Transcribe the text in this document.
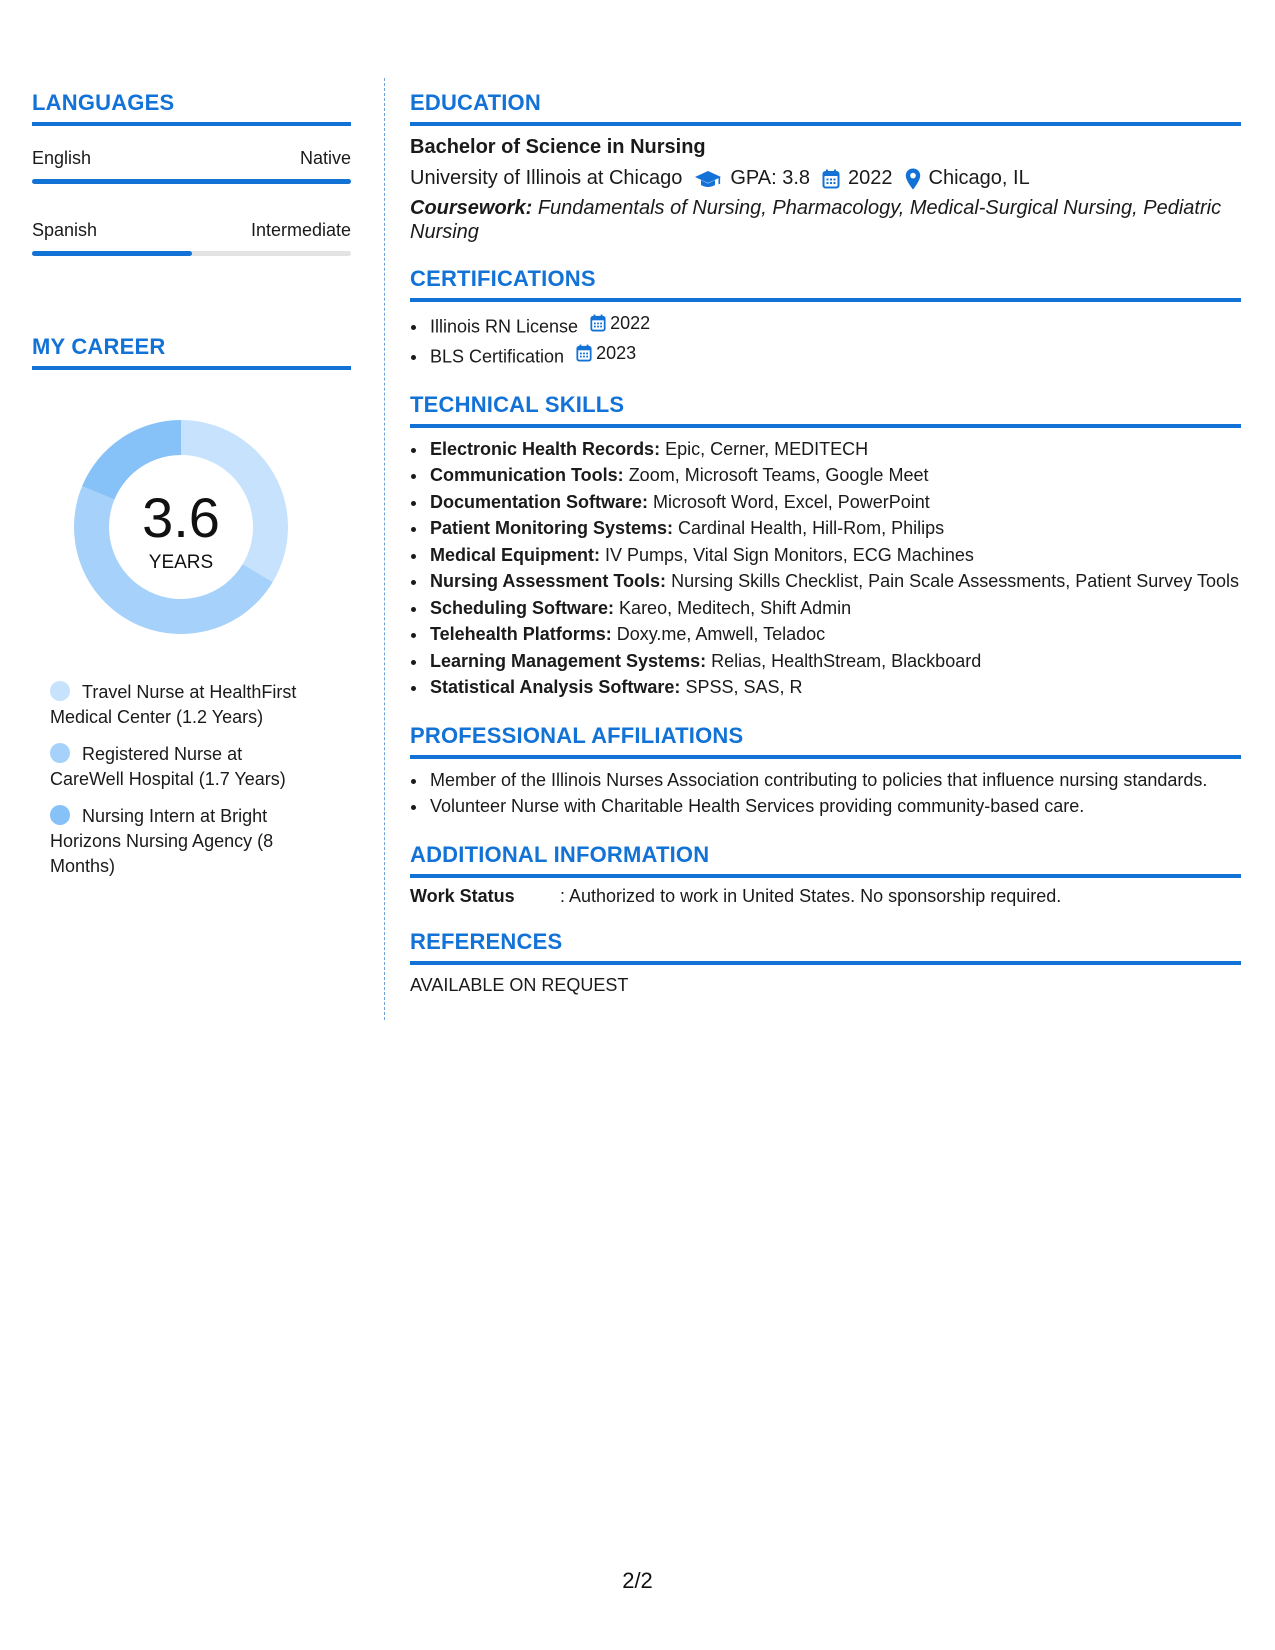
LANGUAGES
English	Native
Spanish	Intermediate
MY CAREER
3.6
YEARS
Travel Nurse at HealthFirst Medical Center (1.2 Years)
Registered Nurse at CareWell Hospital (1.7 Years)
Nursing Intern at Bright Horizons Nursing Agency (8 Months)
EDUCATION
Bachelor of Science in Nursing
University of Illinois at Chicago GPA: 3.8 2022 Chicago, IL
Coursework: Fundamentals of Nursing, Pharmacology, Medical-Surgical Nursing, Pediatric Nursing
CERTIFICATIONS
• Illinois RN License 2022
• BLS Certification 2023
TECHNICAL SKILLS
• Electronic Health Records: Epic, Cerner, MEDITECH
• Communication Tools: Zoom, Microsoft Teams, Google Meet
• Documentation Software: Microsoft Word, Excel, PowerPoint
• Patient Monitoring Systems: Cardinal Health, Hill-Rom, Philips
• Medical Equipment: IV Pumps, Vital Sign Monitors, ECG Machines
• Nursing Assessment Tools: Nursing Skills Checklist, Pain Scale Assessments, Patient Survey Tools
• Scheduling Software: Kareo, Meditech, Shift Admin
• Telehealth Platforms: Doxy.me, Amwell, Teladoc
• Learning Management Systems: Relias, HealthStream, Blackboard
• Statistical Analysis Software: SPSS, SAS, R
PROFESSIONAL AFFILIATIONS
• Member of the Illinois Nurses Association contributing to policies that influence nursing standards.
• Volunteer Nurse with Charitable Health Services providing community-based care.
ADDITIONAL INFORMATION
Work Status	: Authorized to work in United States. No sponsorship required.
REFERENCES
AVAILABLE ON REQUEST
2/2
